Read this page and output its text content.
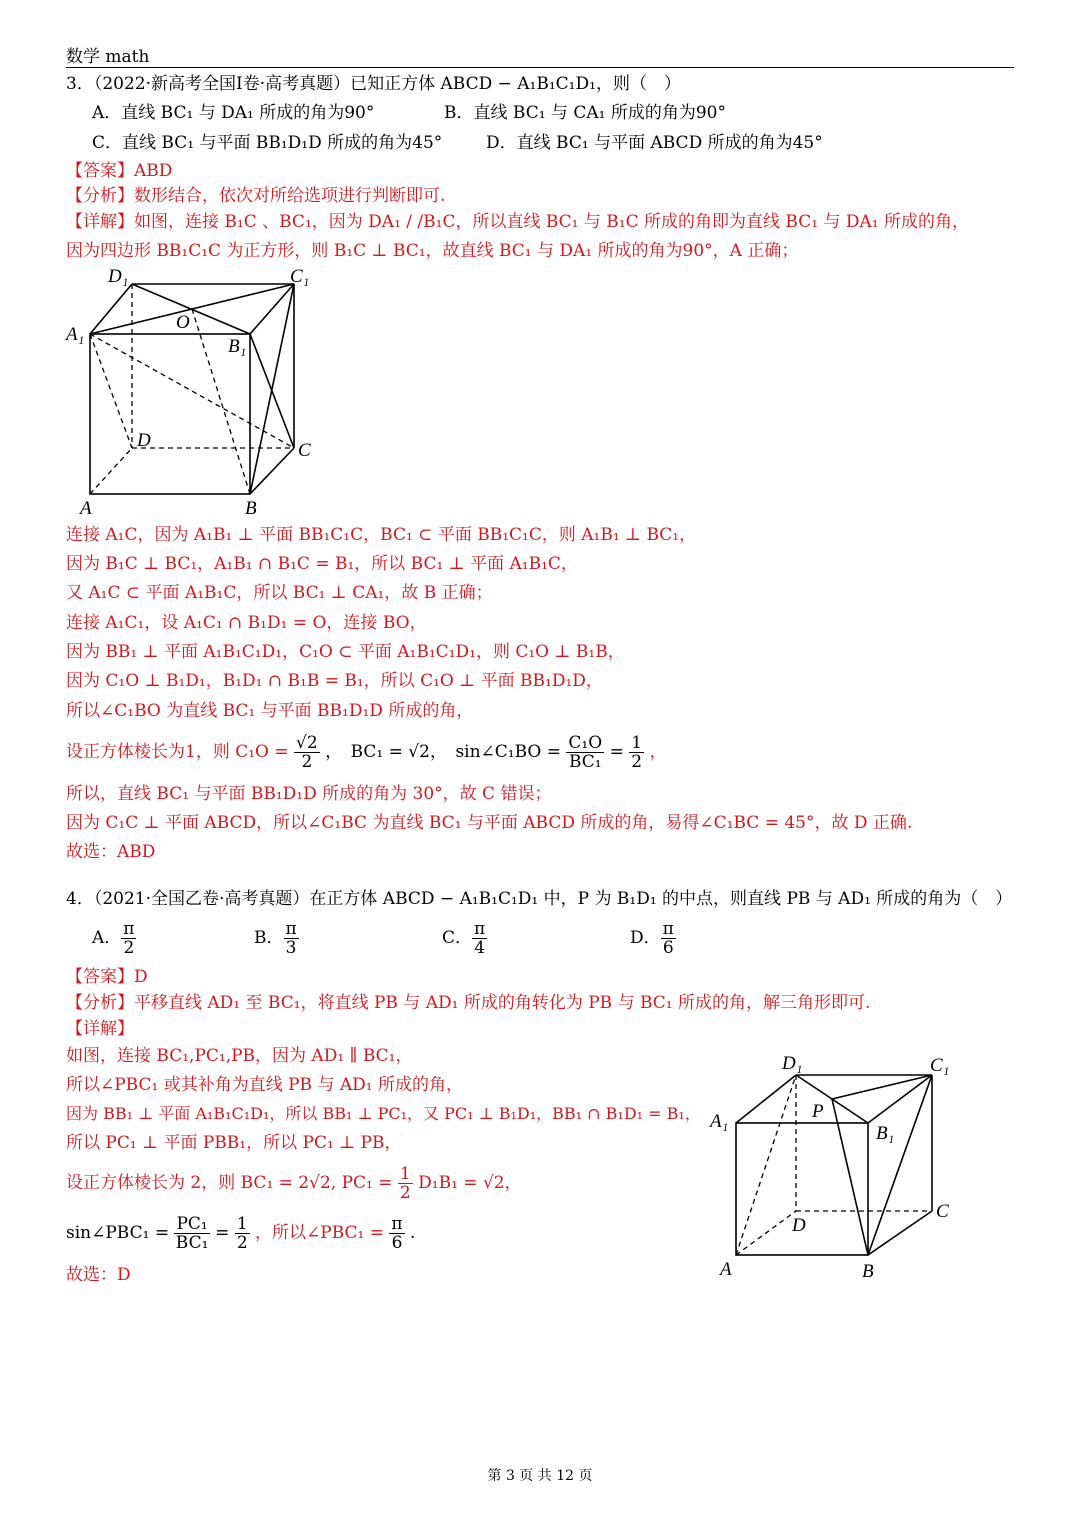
数学 math
3．（2022·新高考全国Ⅰ卷·高考真题）已知正方体 ABCD − A₁B₁C₁D₁，则（　）
A．直线 BC₁ 与 DA₁ 所成的角为90°	B．直线 BC₁ 与 CA₁ 所成的角为90°
C．直线 BC₁ 与平面 BB₁D₁D 所成的角为45°	D．直线 BC₁ 与平面 ABCD 所成的角为45°
【答案】ABD
【分析】数形结合，依次对所给选项进行判断即可.
【详解】如图，连接 B₁C 、BC₁，因为 DA₁ / /B₁C，所以直线 BC₁ 与 B₁C 所成的角即为直线 BC₁ 与 DA₁ 所成的角，
因为四边形 BB₁C₁C 为正方形，则 B₁C ⊥ BC₁，故直线 BC₁ 与 DA₁ 所成的角为90°，A 正确；
D₁	C₁
A₁
O
B₁
D	C
A	B
连接 A₁C，因为 A₁B₁ ⊥ 平面 BB₁C₁C，BC₁ ⊂ 平面 BB₁C₁C，则 A₁B₁ ⊥ BC₁，
因为 B₁C ⊥ BC₁，A₁B₁ ∩ B₁C = B₁，所以 BC₁ ⊥ 平面 A₁B₁C，
又 A₁C ⊂ 平面 A₁B₁C，所以 BC₁ ⊥ CA₁，故 B 正确；
连接 A₁C₁，设 A₁C₁ ∩ B₁D₁ = O，连接 BO，
因为 BB₁ ⊥ 平面 A₁B₁C₁D₁，C₁O ⊂ 平面 A₁B₁C₁D₁，则 C₁O ⊥ B₁B，
因为 C₁O ⊥ B₁D₁，B₁D₁ ∩ B₁B = B₁，所以 C₁O ⊥ 平面 BB₁D₁D，
所以∠C₁BO 为直线 BC₁ 与平面 BB₁D₁D 所成的角，
设正方体棱长为1，则 $C_1O = \frac{√2}{2}$ ，　BC₁ = √2，　sin∠C₁BO = $\frac{\text{C₁O}}{\text{BC₁}} = \frac{1}{2}$ ，
所以，直线 BC₁ 与平面 BB₁D₁D 所成的角为 30°，故 C 错误；
因为 C₁C ⊥ 平面 ABCD，所以∠C₁BC 为直线 BC₁ 与平面 ABCD 所成的角，易得∠C₁BC = 45°，故 D 正确.
故选：ABD
4．（2021·全国乙卷·高考真题）在正方体 ABCD − A₁B₁C₁D₁ 中，P 为 B₁D₁ 的中点，则直线 PB 与 AD₁ 所成的角为（　）
A． $\frac{\pi}{2}$	B． $\frac{\pi}{3}$	C． $\frac{\pi}{4}$	D． $\frac{\pi}{6}$
【答案】D
【分析】平移直线 AD₁ 至 BC₁，将直线 PB 与 AD₁ 所成的角转化为 PB 与 BC₁ 所成的角，解三角形即可.
【详解】
如图，连接 BC₁,PC₁,PB，因为 AD₁ ∥ BC₁，
所以∠PBC₁ 或其补角为直线 PB 与 AD₁ 所成的角，
因为 BB₁ ⊥ 平面 A₁B₁C₁D₁，所以 BB₁ ⊥ PC₁，又 PC₁ ⊥ B₁D₁，BB₁ ∩ B₁D₁ = B₁，
所以 PC₁ ⊥ 平面 PBB₁，所以 PC₁ ⊥ PB，
设正方体棱长为 2，则 BC₁ = 2√2, $PC_1 = \frac{1}{2} D_1B_1 = √2$，
sin∠PBC₁ = $\frac{\text{PC₁}}{\text{BC₁}} = \frac{1}{2}$ ，所以∠PBC₁ = $\frac{\pi}{6}$ .
故选：D
D₁	C₁
A₁	P
B₁
D
C
A	B
第 3 页 共 12 页
